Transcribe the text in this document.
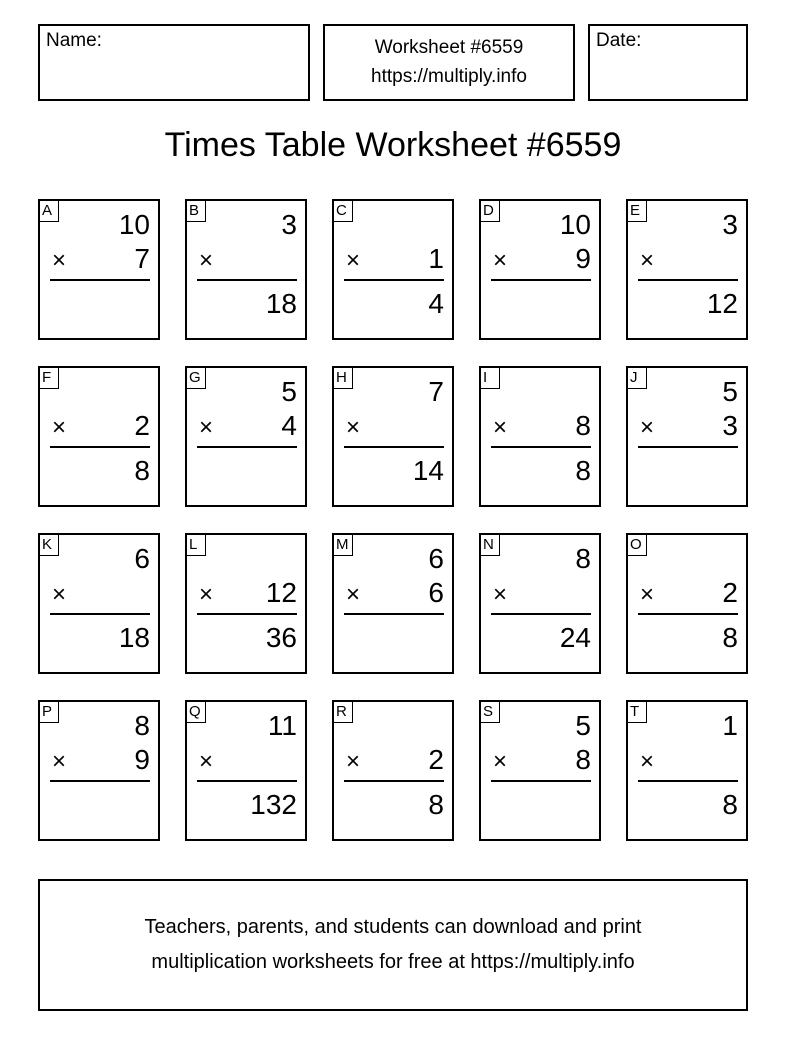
Name:	Worksheet #6559
https://multiply.info
Date:
Times Table Worksheet #6559
A 10
× 7
B	3
×
18
C
× 1
4
D 10
× 9
E	3
×
12
F
× 2
8
G	5
× 4
H	7
×
14
I
× 8
8
J	5
× 3
K	6
×
18
L
× 12
36
M	6
× 6
N	8
×
24
O
× 2
8
P	8
× 9
Q 11
×
132
R
× 2
8
S	5
× 8
T	1
×
8
Teachers, parents, and students can download and print
multiplication worksheets for free at https://multiply.info
